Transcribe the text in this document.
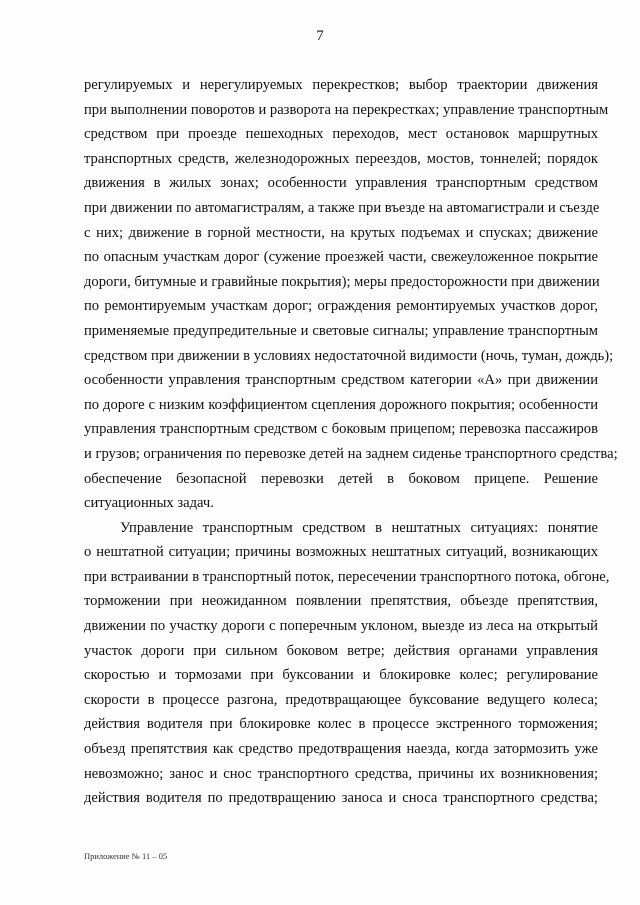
7
регулируемых и нерегулируемых перекрестков; выбор траектории движения
при выполнении поворотов и разворота на перекрестках; управление транспортным
средством при проезде пешеходных переходов, мест остановок маршрутных
транспортных средств, железнодорожных переездов, мостов, тоннелей; порядок
движения в жилых зонах; особенности управления транспортным средством
при движении по автомагистралям, а также при въезде на автомагистрали и съезде
с них; движение в горной местности, на крутых подъемах и спусках; движение
по опасным участкам дорог (сужение проезжей части, свежеуложенное покрытие
дороги, битумные и гравийные покрытия); меры предосторожности при движении
по ремонтируемым участкам дорог; ограждения ремонтируемых участков дорог,
применяемые предупредительные и световые сигналы; управление транспортным
средством при движении в условиях недостаточной видимости (ночь, туман, дождь);
особенности управления транспортным средством категории «А» при движении
по дороге с низким коэффициентом сцепления дорожного покрытия; особенности
управления транспортным средством с боковым прицепом; перевозка пассажиров
и грузов; ограничения по перевозке детей на заднем сиденье транспортного средства;
обеспечение безопасной перевозки детей в боковом прицепе. Решение
ситуационных задач.
Управление транспортным средством в нештатных ситуациях: понятие
о нештатной ситуации; причины возможных нештатных ситуаций, возникающих
при встраивании в транспортный поток, пересечении транспортного потока, обгоне,
торможении при неожиданном появлении препятствия, объезде препятствия,
движении по участку дороги с поперечным уклоном, выезде из леса на открытый
участок дороги при сильном боковом ветре; действия органами управления
скоростью и тормозами при буксовании и блокировке колес; регулирование
скорости в процессе разгона, предотвращающее буксование ведущего колеса;
действия водителя при блокировке колес в процессе экстренного торможения;
объезд препятствия как средство предотвращения наезда, когда затормозить уже
невозможно; занос и снос транспортного средства, причины их возникновения;
действия водителя по предотвращению заноса и сноса транспортного средства;
Приложение № 11 – 05
